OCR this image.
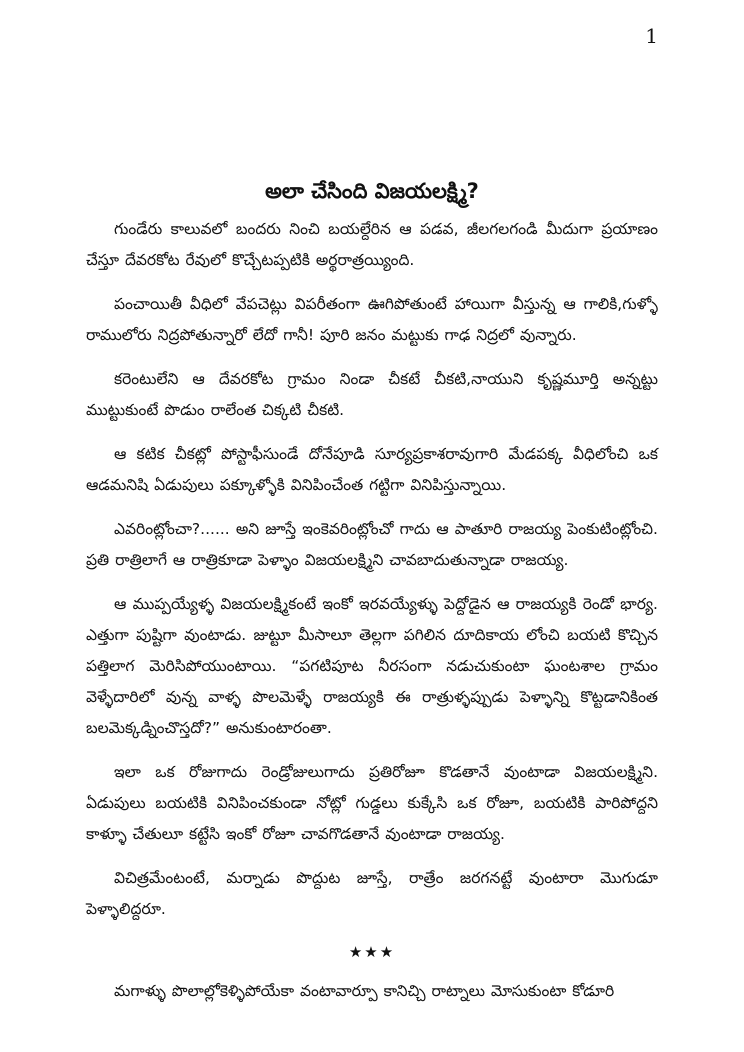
1
అలా చేసింది విజయలక్ష్మి?

గుండేరు కాలువలో బందరు నించి బయల్దేరిన ఆ పడవ, జీలగలగండి మీదుగా ప్రయాణం చేస్తూ దేవరకోట రేవులో కొచ్చేటప్పటికి అర్థరాత్రయ్యింది.

పంచాయితీ వీధిలో వేపచెట్లు విపరీతంగా ఊగిపోతుంటే హాయిగా వీస్తున్న ఆ గాలికి,గుళ్ళో రాములోరు నిద్రపోతున్నారో లేదో గానీ! పూరి జనం మట్టుకు గాఢ నిద్రలో వున్నారు.

కరెంటులేని ఆ దేవరకోట గ్రామం నిండా చీకటే చీకటి,నాయుని కృష్ణమూర్తి అన్నట్టు ముట్టుకుంటే పొడుం రాలేంత చిక్కటి చీకటి.

ఆ కటిక చీకట్లో పోస్టాఫీసుండే దోనేపూడి సూర్యప్రకాశరావుగారి మేడపక్క వీధిలోంచి ఒక ఆడమనిషి ఏడుపులు పక్కూళ్ళోకి వినిపించేంత గట్టిగా వినిపిస్తున్నాయి.

ఎవరింట్లోంచా?...... అని జూస్తే ఇంకెవరింట్లోంచో గాదు ఆ పాతూరి రాజయ్య పెంకుటింట్లోంచి. ప్రతి రాత్రిలాగే ఆ రాత్రికూడా పెళ్ళాం విజయలక్ష్మిని చావబాదుతున్నాడా రాజయ్య.

ఆ ముప్పయ్యేళ్ళ విజయలక్ష్మికంటే ఇంకో ఇరవయ్యేళ్ళు పెద్దోడైన ఆ రాజయ్యకి రెండో భార్య. ఎత్తుగా పుష్టిగా వుంటాడు. జుట్టూ మీసాలూ తెల్లగా పగిలిన దూదికాయ లోంచి బయటి కొచ్చిన పత్తిలాగ మెరిసిపోయుంటాయి. “పగటిపూట నీరసంగా నడుచుకుంటా ఘంటశాల గ్రామం వెళ్ళేదారిలో వున్న వాళ్ళ పొలమెళ్ళే రాజయ్యకి ఈ రాత్రుళ్ళప్పుడు పెళ్ళాన్ని కొట్టడానికింత బలమెక్కడ్నించొస్తదో?” అనుకుంటారంతా.

ఇలా ఒక రోజుగాదు రెండ్రోజులుగాదు ప్రతిరోజూ కొడతానే వుంటాడా విజయలక్ష్మిని. ఏడుపులు బయటికి వినిపించకుండా నోట్లో గుడ్డలు కుక్కేసి ఒక రోజూ, బయటికి పారిపోద్దని కాళ్ళూ చేతులూ కట్టేసి ఇంకో రోజూ చావగొడతానే వుంటాడా రాజయ్య.

విచిత్రమేంటంటే, మర్నాడు పొద్దుట జూస్తే, రాత్రేం జరగనట్టే వుంటారా మొగుడూ పెళ్ళాలిద్దరూ.

★★★

మగాళ్ళు పొలాల్లోకెళ్ళిపోయేకా వంటావార్పూ కానిచ్చి రాట్నాలు మోసుకుంటా కోడూరి
